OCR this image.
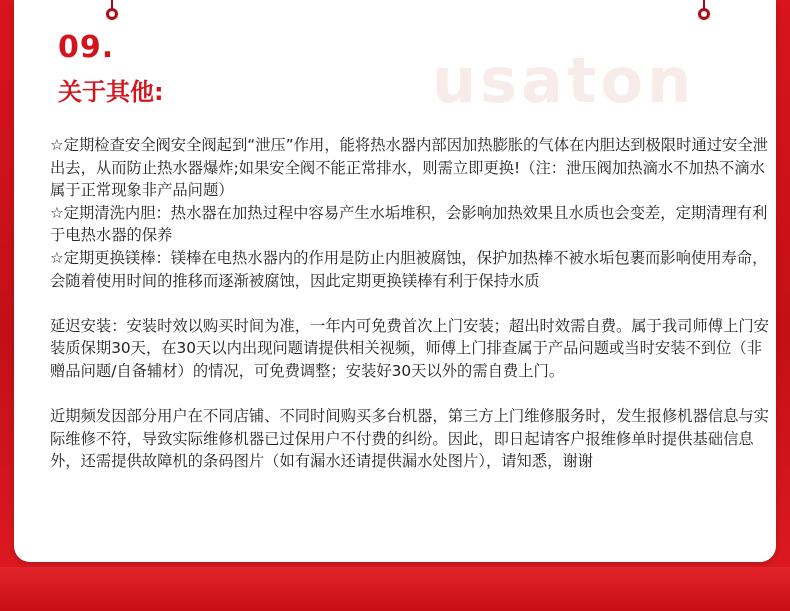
usaton
09.
关于其他:

☆定期检查安全阀安全阀起到“泄压”作用，能将热水器内部因加热膨胀的气体在内胆达到极限时通过安全泄出去，从而防止热水器爆炸;如果安全阀不能正常排水，则需立即更换!（注：泄压阀加热滴水不加热不滴水属于正常现象非产品问题）

☆定期清洗内胆：热水器在加热过程中容易产生水垢堆积，会影响加热效果且水质也会变差，定期清理有利于电热水器的保养

☆定期更换镁棒：镁棒在电热水器内的作用是防止内胆被腐蚀，保护加热棒不被水垢包裹而影响使用寿命，会随着使用时间的推移而逐渐被腐蚀，因此定期更换镁棒有利于保持水质

延迟安装：安装时效以购买时间为准，一年内可免费首次上门安装；超出时效需自费。属于我司师傅上门安装质保期30天，在30天以内出现问题请提供相关视频，师傅上门排查属于产品问题或当时安装不到位（非赠品问题/自备辅材）的情况，可免费调整；安装好30天以外的需自费上门。

近期频发因部分用户在不同店铺、不同时间购买多台机器，第三方上门维修服务时，发生报修机器信息与实际维修不符，导致实际维修机器已过保用户不付费的纠纷。因此，即日起请客户报维修单时提供基础信息外，还需提供故障机的条码图片（如有漏水还请提供漏水处图片），请知悉，谢谢
